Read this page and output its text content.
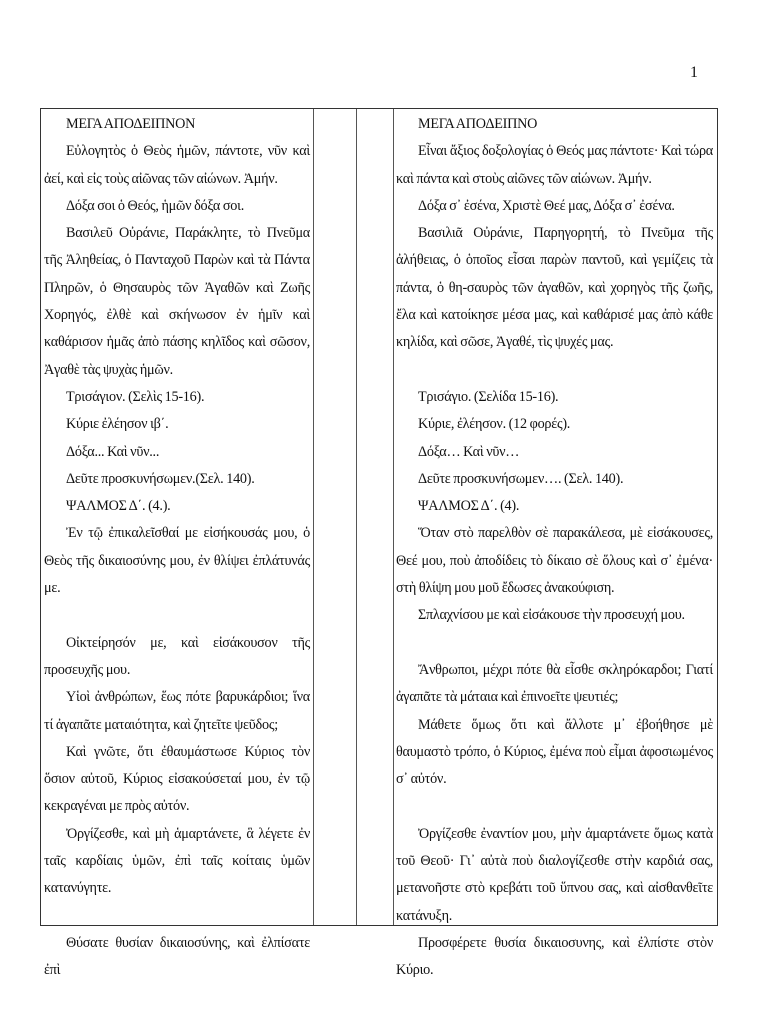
1

ΜΕΓΑ ΑΠΟΔΕΙΠΝΟΝ

Εὐλογητὸς ὁ Θεὸς ἡμῶν, πάντοτε, νῦν καὶ ἀεί, καὶ εἰς τοὺς αἰῶνας τῶν αἰώνων. Ἀμήν.

Δόξα σοι ὁ Θεός, ἡμῶν δόξα σοι.

Βασιλεῦ Οὐράνιε, Παράκλητε, τὸ Πνεῦμα τῆς Ἀληθείας, ὁ Πανταχοῦ Παρὼν καὶ τὰ Πάντα Πληρῶν, ὁ Θησαυρὸς τῶν Ἀγαθῶν καὶ Ζωῆς Χορηγός, ἐλθὲ καὶ σκήνωσον ἐν ἡμῖν καὶ καθάρισον ἡμᾶς ἀπὸ πάσης κηλῖδος καὶ σῶσον, Ἀγαθὲ τὰς ψυχὰς ἡμῶν.

Τρισάγιον. (Σελὶς 15-16).

Κύριε ἐλέησον ιβ΄.

Δόξα... Καὶ νῦν...

Δεῦτε προσκυνήσωμεν.(Σελ. 140).

ΨΑΛΜΟΣ Δ΄. (4.).

Ἐν τῷ ἐπικαλεῖσθαί με εἰσήκουσάς μου, ὁ Θεὸς τῆς δικαιοσύνης μου, ἐν θλίψει ἐπλάτυνάς με.

Οἰκτείρησόν με, καὶ εἰσάκουσον τῆς προσευχῆς μου.

Υἱοὶ ἀνθρώπων, ἕως πότε βαρυκάρδιοι; ἵνα τί ἀγαπᾶτε ματαιότητα, καὶ ζητεῖτε ψεῦδος;

Καὶ γνῶτε, ὅτι ἐθαυμάστωσε Κύριος τὸν ὅσιον αὐτοῦ, Κύριος εἰσακούσεταί μου, ἐν τῷ κεκραγέναι με πρὸς αὐτόν.

Ὀργίζεσθε, καὶ μὴ ἁμαρτάνετε, ἃ λέγετε ἐν ταῖς καρδίαις ὑμῶν, ἐπὶ ταῖς κοίταις ὑμῶν κατανύγητε.

Θύσατε θυσίαν δικαιοσύνης, καὶ ἐλπίσατε ἐπὶ

ΜΕΓΑ ΑΠΟΔΕΙΠΝΟ

Εἶναι ἄξιος δοξολογίας ὁ Θεός μας πάντοτε· Καὶ τώρα καὶ πάντα καὶ στοὺς αἰῶνες τῶν αἰώνων. Ἀμήν.

Δόξα σ᾽ ἐσένα, Χριστὲ Θεέ μας, Δόξα σ᾽ ἐσένα.

Βασιλιᾶ Οὐράνιε, Παρηγορητή, τὸ Πνεῦμα τῆς ἀλήθειας, ὁ ὁποῖος εἶσαι παρὼν παντοῦ, καὶ γεμίζεις τὰ πάντα, ὁ θη-σαυρὸς τῶν ἀγαθῶν, καὶ χορηγὸς τῆς ζωῆς, ἔλα καὶ κατοίκησε μέσα μας, καὶ καθάρισέ μας ἀπὸ κάθε κηλίδα, καὶ σῶσε, Ἀγαθέ, τὶς ψυχές μας.

Τρισάγιο. (Σελίδα 15-16).

Κύριε, ἐλέησον. (12 φορές).

Δόξα… Καὶ νῦν…

Δεῦτε προσκυνήσωμεν…. (Σελ. 140).

ΨΑΛΜΟΣ Δ΄. (4).

Ὅταν στὸ παρελθὸν σὲ παρακάλεσα, μὲ εἰσάκουσες, Θεέ μου, ποὺ ἀποδίδεις τὸ δίκαιο σὲ ὅλους καὶ σ᾽ ἐμένα· στὴ θλίψη μου μοῦ ἔδωσες ἀνακούφιση.

Σπλαχνίσου με καὶ εἰσάκουσε τὴν προσευχή μου.

Ἄνθρωποι, μέχρι πότε θὰ εἶσθε σκληρόκαρδοι; Γιατί ἀγαπᾶτε τὰ μάταια καὶ ἐπινοεῖτε ψευτιές;

Μάθετε ὅμως ὅτι καὶ ἄλλοτε μ᾽ ἐβοήθησε μὲ θαυμαστὸ τρόπο, ὁ Κύριος, ἐμένα ποὺ εἶμαι ἀφοσιωμένος σ᾽ αὐτόν.

Ὀργίζεσθε ἐναντίον μου, μὴν ἁμαρτάνετε ὅμως κατὰ τοῦ Θεοῦ· Γι᾽ αὐτὰ ποὺ διαλογίζεσθε στὴν καρδιά σας, μετανοῆστε στὸ κρεβάτι τοῦ ὕπνου σας, καὶ αἰσθανθεῖτε κατάνυξη.

Προσφέρετε θυσία δικαιοσυνης, καὶ ἐλπίστε στὸν Κύριο.
